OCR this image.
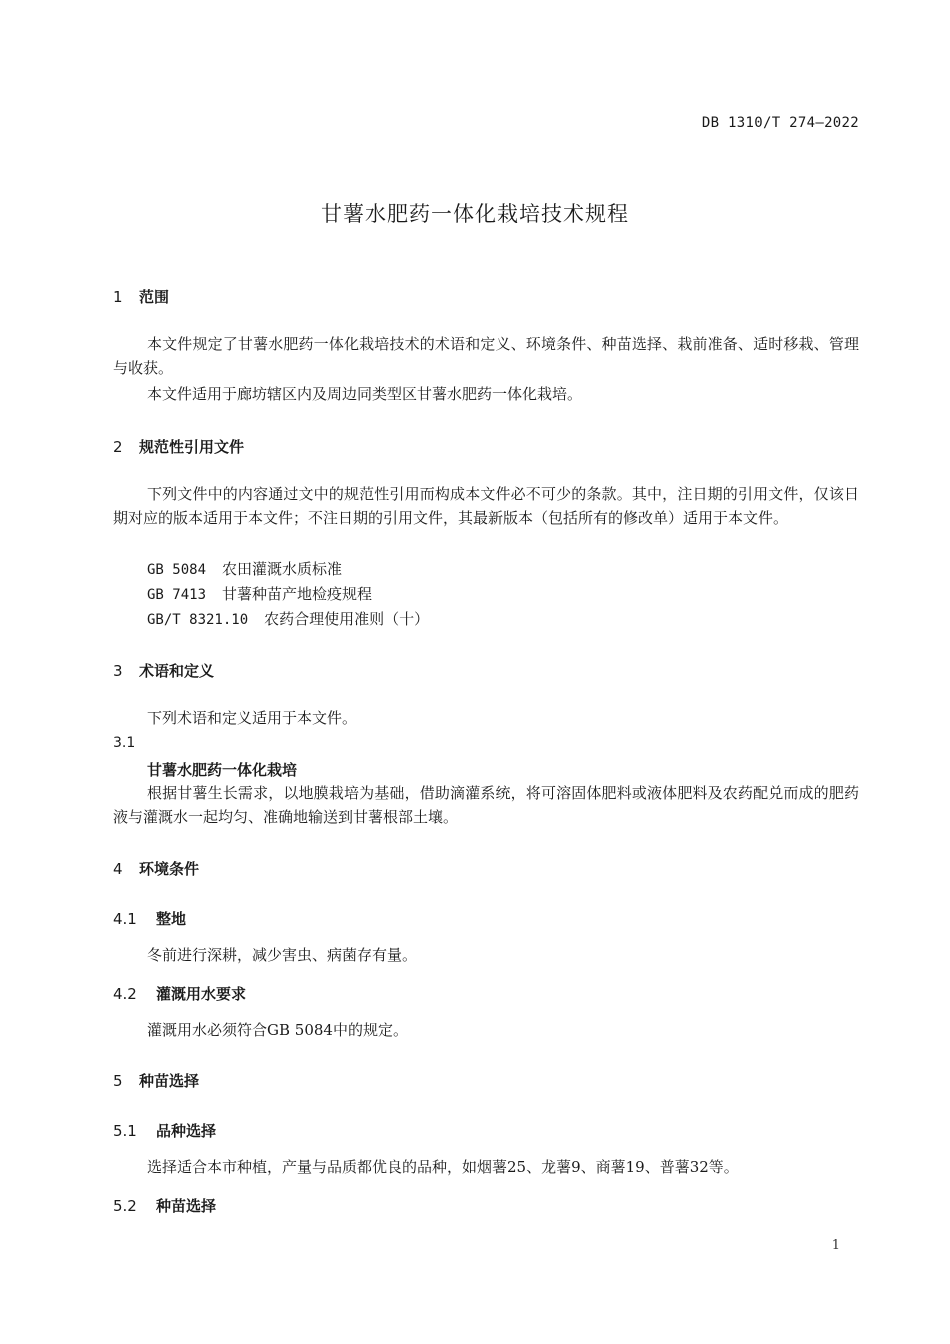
DB 1310/T 274—2022
甘薯水肥药一体化栽培技术规程
1 范围
本文件规定了甘薯水肥药一体化栽培技术的术语和定义、环境条件、种苗选择、栽前准备、适时移栽、管理与收获。
本文件适用于廊坊辖区内及周边同类型区甘薯水肥药一体化栽培。
2 规范性引用文件
下列文件中的内容通过文中的规范性引用而构成本文件必不可少的条款。其中，注日期的引用文件，仅该日期对应的版本适用于本文件；不注日期的引用文件，其最新版本（包括所有的修改单）适用于本文件。
GB 5084 农田灌溉水质标准
GB 7413 甘薯种苗产地检疫规程
GB/T 8321.10 农药合理使用准则（十）
3 术语和定义
下列术语和定义适用于本文件。
3.1
甘薯水肥药一体化栽培
根据甘薯生长需求，以地膜栽培为基础，借助滴灌系统，将可溶固体肥料或液体肥料及农药配兑而成的肥药液与灌溉水一起均匀、准确地输送到甘薯根部土壤。
4 环境条件
4.1 整地
冬前进行深耕，减少害虫、病菌存有量。
4.2 灌溉用水要求
灌溉用水必须符合GB 5084中的规定。
5 种苗选择
5.1 品种选择
选择适合本市种植，产量与品质都优良的品种，如烟薯25、龙薯9、商薯19、普薯32等。
5.2 种苗选择
1
